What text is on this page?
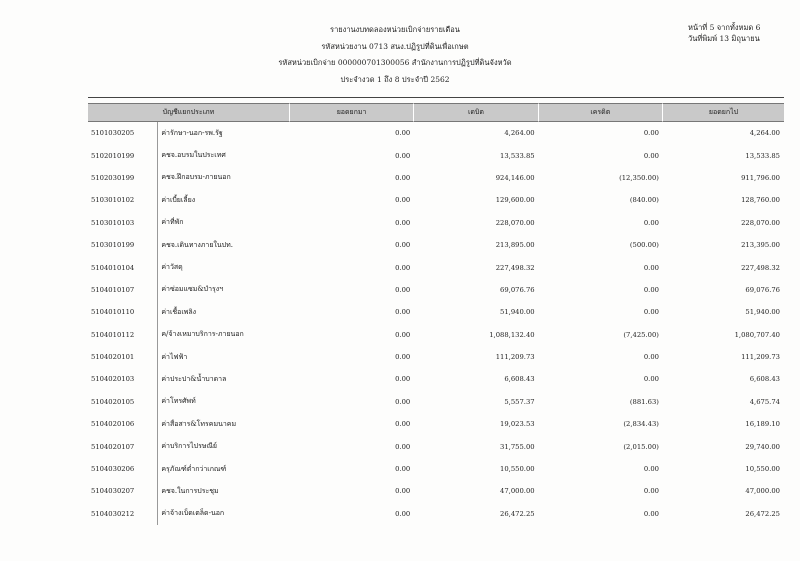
รายงานงบทดลองหน่วยเบิกจ่ายรายเดือน
รหัสหน่วยงาน 0713 สนง.ปฏิรูปที่ดินเพื่อเกษต
รหัสหน่วยเบิกจ่าย 000000701300056 สำนักงานการปฏิรูปที่ดินจังหวัด
ประจำงวด 1 ถึง 8 ประจำปี 2562
หน้าที่ 5 จากทั้งหมด 6
วันที่พิมพ์ 13 มิถุนายน
บัญชีแยกประเภท		ยอดยกมา	เดบิต	เครดิต	ยอดยกไป
5101030205	ค่ารักษา-นอก-รพ.รัฐ	0.00	4,264.00	0.00	4,264.00
5102010199	คชจ.อบรมในประเทศ	0.00	13,533.85	0.00	13,533.85
5102030199	คชจ.ฝึกอบรม-ภายนอก	0.00	924,146.00	(12,350.00)	911,796.00
5103010102	ค่าเบี้ยเลี้ยง	0.00	129,600.00	(840.00)	128,760.00
5103010103	ค่าที่พัก	0.00	228,070.00	0.00	228,070.00
5103010199	คชจ.เดินทางภายในปท.	0.00	213,895.00	(500.00)	213,395.00
5104010104	ค่าวัสดุ	0.00	227,498.32	0.00	227,498.32
5104010107	ค่าซ่อมแซม&บำรุงฯ	0.00	69,076.76	0.00	69,076.76
5104010110	ค่าเชื้อเพลิง	0.00	51,940.00	0.00	51,940.00
5104010112	ค/จ้างเหมาบริการ-ภายนอก	0.00	1,088,132.40	(7,425.00)	1,080,707.40
5104020101	ค่าไฟฟ้า	0.00	111,209.73	0.00	111,209.73
5104020103	ค่าประปา&น้ำบาดาล	0.00	6,608.43	0.00	6,608.43
5104020105	ค่าโทรศัพท์	0.00	5,557.37	(881.63)	4,675.74
5104020106	ค่าสื่อสาร&โทรคมนาคม	0.00	19,023.53	(2,834.43)	16,189.10
5104020107	ค่าบริการไปรษณีย์	0.00	31,755.00	(2,015.00)	29,740.00
5104030206	ครุภัณฑ์ต่ำกว่าเกณฑ์	0.00	10,550.00	0.00	10,550.00
5104030207	คชจ.ในการประชุม	0.00	47,000.00	0.00	47,000.00
5104030212	ค่าจ้างเบ็ดเตล็ด-นอก	0.00	26,472.25	0.00	26,472.25
